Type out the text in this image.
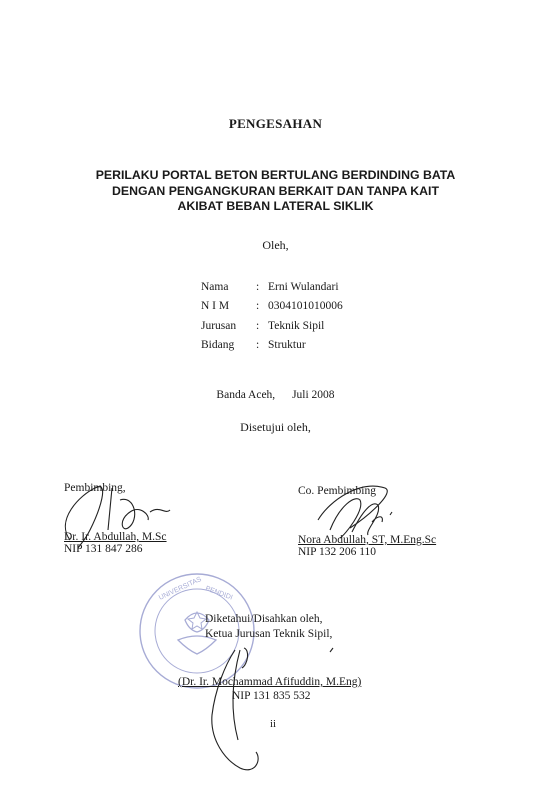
PENGESAHAN
PERILAKU PORTAL BETON BERTULANG BERDINDING BATA
DENGAN PENGANGKURAN BERKAIT DAN TANPA KAIT
AKIBAT BEBAN LATERAL SIKLIK
Oleh,
Nama	: Erni Wulandari
N I M	: 0304101010006
Jurusan	: Teknik Sipil
Bidang	: Struktur
Banda Aceh, Juli 2008
Disetujui oleh,
UNIVERSITAS PENDIDI
Pembimbing,
Dr. Ir. Abdullah, M.Sc
NIP 131 847 286
Co. Pembimbing
Nora Abdullah, ST, M.Eng.Sc
NIP 132 206 110
Diketahui/Disahkan oleh,
Ketua Jurusan Teknik Sipil,
(Dr. Ir. Mochammad Afifuddin, M.Eng)
NIP 131 835 532
ii
